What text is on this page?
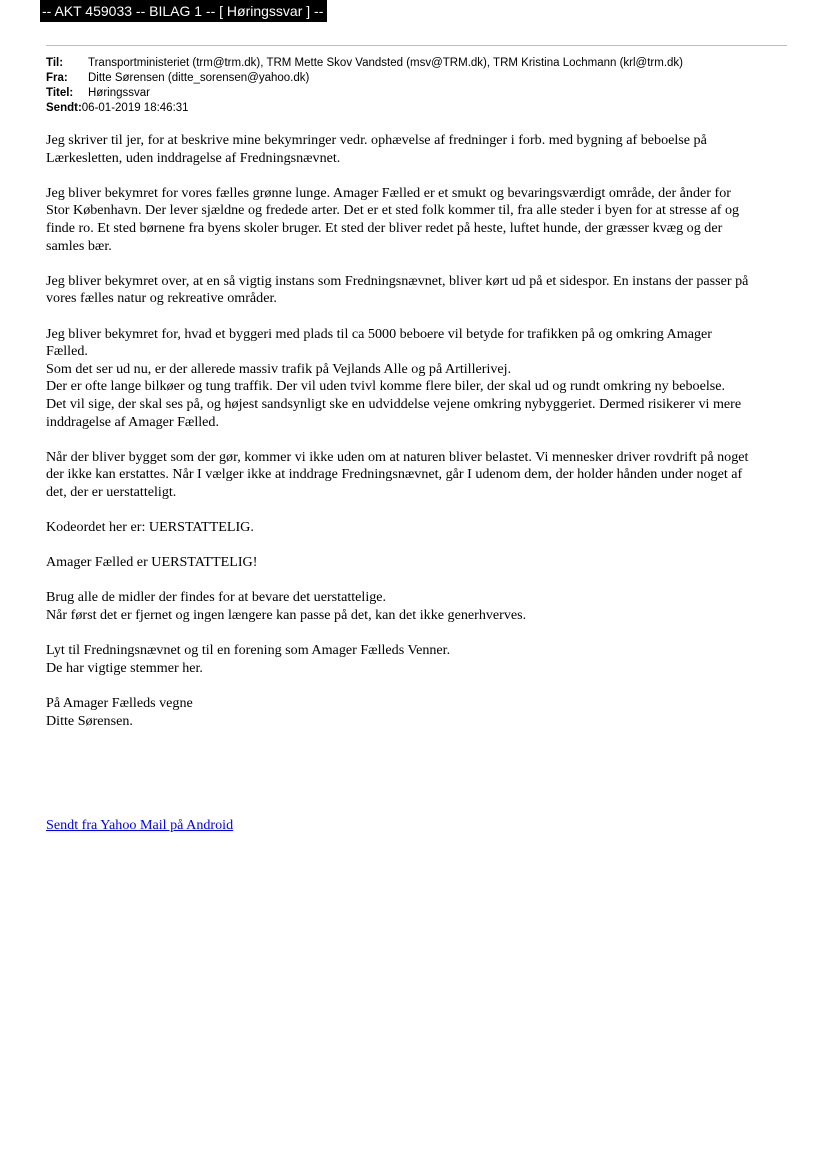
-- AKT 459033 -- BILAG 1 -- [ Høringssvar ] --
Til:	Transportministeriet (trm@trm.dk), TRM Mette Skov Vandsted (msv@TRM.dk), TRM Kristina Lochmann (krl@trm.dk)
Fra:	Ditte Sørensen (ditte_sorensen@yahoo.dk)
Titel:	Høringssvar
Sendt: 06-01-2019 18:46:31

Jeg skriver til jer, for at beskrive mine bekymringer vedr. ophævelse af fredninger i forb. med bygning af beboelse på
Lærkesletten, uden inddragelse af Fredningsnævnet.

Jeg bliver bekymret for vores fælles grønne lunge. Amager Fælled er et smukt og bevaringsværdigt område, der ånder for
Stor København. Der lever sjældne og fredede arter. Det er et sted folk kommer til, fra alle steder i byen for at stresse af og
finde ro. Et sted børnene fra byens skoler bruger. Et sted der bliver redet på heste, luftet hunde, der græsser kvæg og der
samles bær.

Jeg bliver bekymret over, at en så vigtig instans som Fredningsnævnet, bliver kørt ud på et sidespor. En instans der passer på
vores fælles natur og rekreative områder.

Jeg bliver bekymret for, hvad et byggeri med plads til ca 5000 beboere vil betyde for trafikken på og omkring Amager
Fælled.
Som det ser ud nu, er der allerede massiv trafik på Vejlands Alle og på Artillerivej.
Der er ofte lange bilkøer og tung traffik. Der vil uden tvivl komme flere biler, der skal ud og rundt omkring ny beboelse.
Det vil sige, der skal ses på, og højest sandsynligt ske en udviddelse vejene omkring nybyggeriet. Dermed risikerer vi mere
inddragelse af Amager Fælled.

Når der bliver bygget som der gør, kommer vi ikke uden om at naturen bliver belastet. Vi mennesker driver rovdrift på noget
der ikke kan erstattes. Når I vælger ikke at inddrage Fredningsnævnet, går I udenom dem, der holder hånden under noget af
det, der er uerstatteligt.

Kodeordet her er: UERSTATTELIG.

Amager Fælled er UERSTATTELIG!

Brug alle de midler der findes for at bevare det uerstattelige.
Når først det er fjernet og ingen længere kan passe på det, kan det ikke generhverves.

Lyt til Fredningsnævnet og til en forening som Amager Fælleds Venner.
De har vigtige stemmer her.

På Amager Fælleds vegne
Ditte Sørensen.

Sendt fra Yahoo Mail på Android
